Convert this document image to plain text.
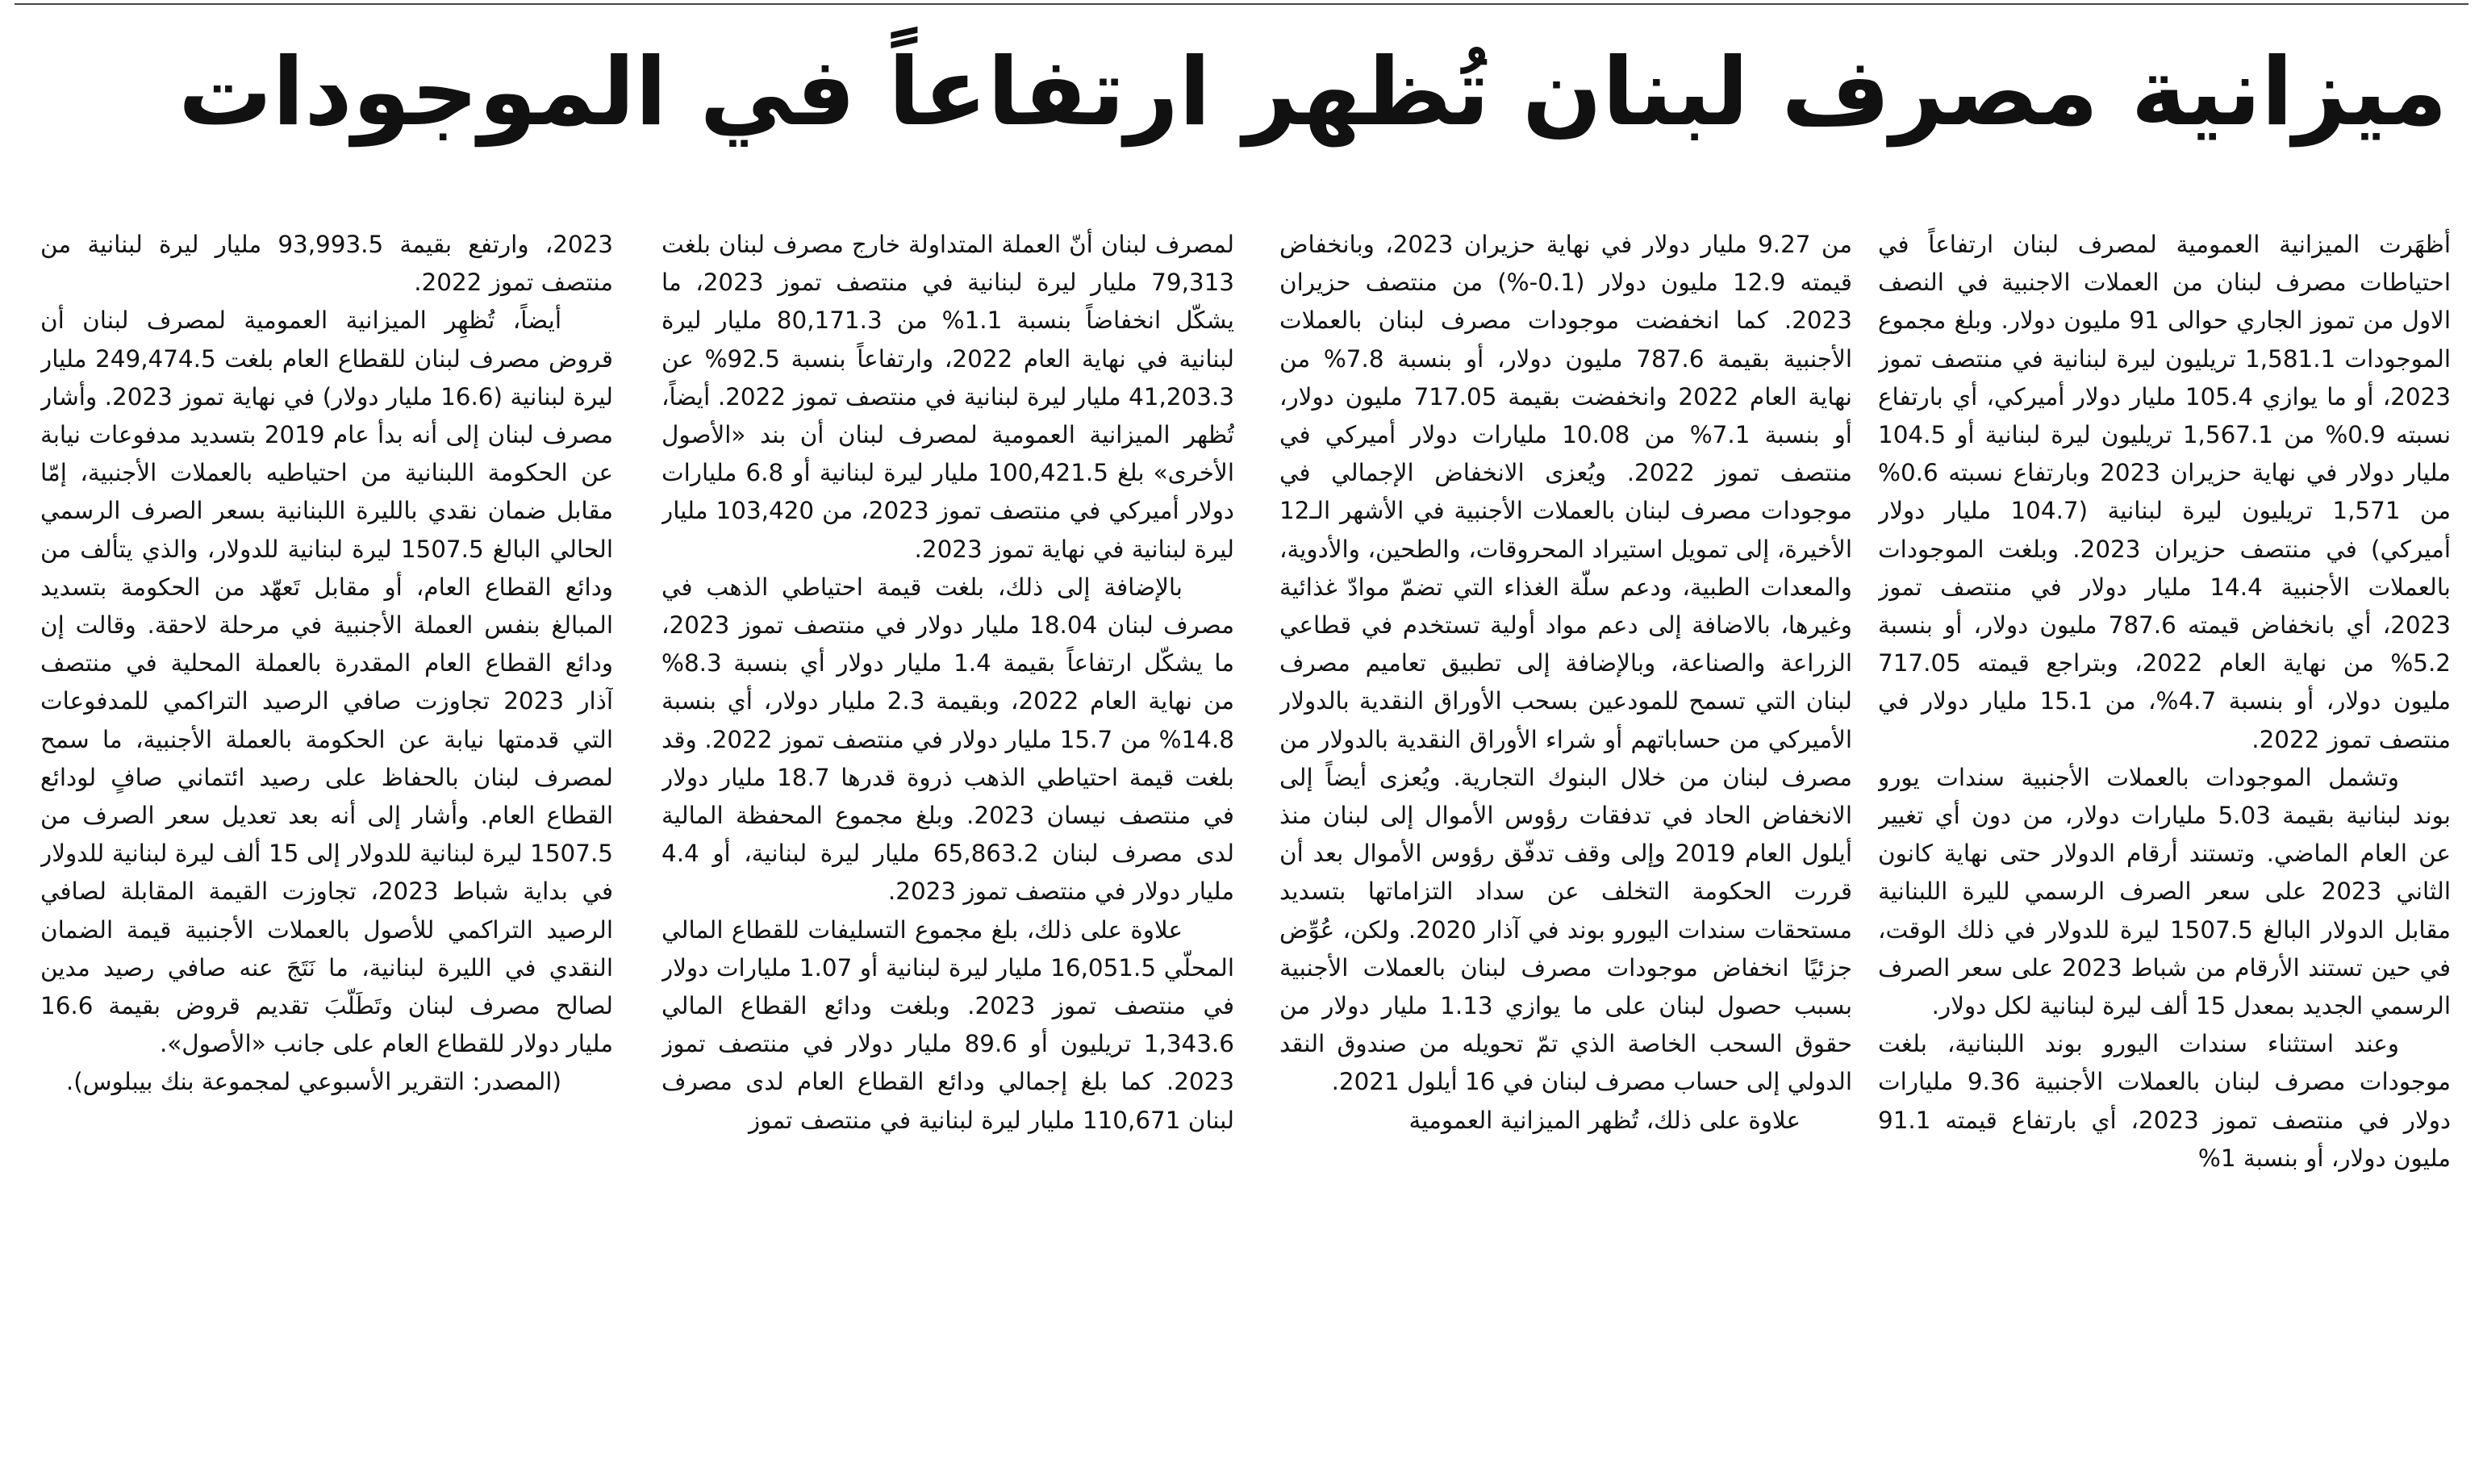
ميزانية مصرف لبنان تُظهر ارتفاعاً في الموجودات

أظهَرت الميزانية العمومية لمصرف لبنان ارتفاعاً في احتياطات مصرف لبنان من العملات الاجنبية في النصف الاول من تموز الجاري حوالى 91 مليون دولار. وبلغ مجموع الموجودات 1,581.1 تريليون ليرة لبنانية في منتصف تموز 2023، أو ما يوازي 105.4 مليار دولار أميركي، أي بارتفاع نسبته 0.9% من 1,567.1 تريليون ليرة لبنانية أو 104.5 مليار دولار في نهاية حزيران 2023 وبارتفاع نسبته 0.6% من 1,571 تريليون ليرة لبنانية (104.7 مليار دولار أميركي) في منتصف حزيران 2023. وبلغت الموجودات بالعملات الأجنبية 14.4 مليار دولار في منتصف تموز 2023، أي بانخفاض قيمته 787.6 مليون دولار، أو بنسبة 5.2% من نهاية العام 2022، وبتراجع قيمته 717.05 مليون دولار، أو بنسبة 4.7%، من 15.1 مليار دولار في منتصف تموز 2022.

وتشمل الموجودات بالعملات الأجنبية سندات يورو بوند لبنانية بقيمة 5.03 مليارات دولار، من دون أي تغيير عن العام الماضي. وتستند أرقام الدولار حتى نهاية كانون الثاني 2023 على سعر الصرف الرسمي لليرة اللبنانية مقابل الدولار البالغ 1507.5 ليرة للدولار في ذلك الوقت، في حين تستند الأرقام من شباط 2023 على سعر الصرف الرسمي الجديد بمعدل 15 ألف ليرة لبنانية لكل دولار.

وعند استثناء سندات اليورو بوند اللبنانية، بلغت موجودات مصرف لبنان بالعملات الأجنبية 9.36 مليارات دولار في منتصف تموز 2023، أي بارتفاع قيمته 91.1 مليون دولار، أو بنسبة 1%

من 9.27 مليار دولار في نهاية حزيران 2023، وبانخفاض قيمته 12.9 مليون دولار (0.1-%) من منتصف حزيران 2023. كما انخفضت موجودات مصرف لبنان بالعملات الأجنبية بقيمة 787.6 مليون دولار، أو بنسبة 7.8% من نهاية العام 2022 وانخفضت بقيمة 717.05 مليون دولار، أو بنسبة 7.1% من 10.08 مليارات دولار أميركي في منتصف تموز 2022. ويُعزى الانخفاض الإجمالي في موجودات مصرف لبنان بالعملات الأجنبية في الأشهر الـ12 الأخيرة، إلى تمويل استيراد المحروقات، والطحين، والأدوية، والمعدات الطبية، ودعم سلّة الغذاء التي تضمّ موادّ غذائية وغيرها، بالاضافة إلى دعم مواد أولية تستخدم في قطاعي الزراعة والصناعة، وبالإضافة إلى تطبيق تعاميم مصرف لبنان التي تسمح للمودعين بسحب الأوراق النقدية بالدولار الأميركي من حساباتهم أو شراء الأوراق النقدية بالدولار من مصرف لبنان من خلال البنوك التجارية. ويُعزى أيضاً إلى الانخفاض الحاد في تدفقات رؤوس الأموال إلى لبنان منذ أيلول العام 2019 وإلى وقف تدفّق رؤوس الأموال بعد أن قررت الحكومة التخلف عن سداد التزاماتها بتسديد مستحقات سندات اليورو بوند في آذار 2020. ولكن، عُوِّض جزئيًا انخفاض موجودات مصرف لبنان بالعملات الأجنبية بسبب حصول لبنان على ما يوازي 1.13 مليار دولار من حقوق السحب الخاصة الذي تمّ تحويله من صندوق النقد الدولي إلى حساب مصرف لبنان في 16 أيلول 2021.

علاوة على ذلك، تُظهر الميزانية العمومية

لمصرف لبنان أنّ العملة المتداولة خارج مصرف لبنان بلغت 79,313 مليار ليرة لبنانية في منتصف تموز 2023، ما يشكّل انخفاضاً بنسبة 1.1% من 80,171.3 مليار ليرة لبنانية في نهاية العام 2022، وارتفاعاً بنسبة 92.5% عن 41,203.3 مليار ليرة لبنانية في منتصف تموز 2022. أيضاً، تُظهر الميزانية العمومية لمصرف لبنان أن بند «الأصول الأخرى» بلغ 100,421.5 مليار ليرة لبنانية أو 6.8 مليارات دولار أميركي في منتصف تموز 2023، من 103,420 مليار ليرة لبنانية في نهاية تموز 2023.

بالإضافة إلى ذلك، بلغت قيمة احتياطي الذهب في مصرف لبنان 18.04 مليار دولار في منتصف تموز 2023، ما يشكّل ارتفاعاً بقيمة 1.4 مليار دولار أي بنسبة 8.3% من نهاية العام 2022، وبقيمة 2.3 مليار دولار، أي بنسبة 14.8% من 15.7 مليار دولار في منتصف تموز 2022. وقد بلغت قيمة احتياطي الذهب ذروة قدرها 18.7 مليار دولار في منتصف نيسان 2023. وبلغ مجموع المحفظة المالية لدى مصرف لبنان 65,863.2 مليار ليرة لبنانية، أو 4.4 مليار دولار في منتصف تموز 2023.

علاوة على ذلك، بلغ مجموع التسليفات للقطاع المالي المحلّي 16,051.5 مليار ليرة لبنانية أو 1.07 مليارات دولار في منتصف تموز 2023. وبلغت ودائع القطاع المالي 1,343.6 تريليون أو 89.6 مليار دولار في منتصف تموز 2023. كما بلغ إجمالي ودائع القطاع العام لدى مصرف لبنان 110,671 مليار ليرة لبنانية في منتصف تموز

2023، وارتفع بقيمة 93,993.5 مليار ليرة لبنانية من منتصف تموز 2022.

أيضاً، تُظهِر الميزانية العمومية لمصرف لبنان أن قروض مصرف لبنان للقطاع العام بلغت 249,474.5 مليار ليرة لبنانية (16.6 مليار دولار) في نهاية تموز 2023. وأشار مصرف لبنان إلى أنه بدأ عام 2019 بتسديد مدفوعات نيابة عن الحكومة اللبنانية من احتياطيه بالعملات الأجنبية، إمّا مقابل ضمان نقدي بالليرة اللبنانية بسعر الصرف الرسمي الحالي البالغ 1507.5 ليرة لبنانية للدولار، والذي يتألف من ودائع القطاع العام، أو مقابل تَعهّد من الحكومة بتسديد المبالغ بنفس العملة الأجنبية في مرحلة لاحقة. وقالت إن ودائع القطاع العام المقدرة بالعملة المحلية في منتصف آذار 2023 تجاوزت صافي الرصيد التراكمي للمدفوعات التي قدمتها نيابة عن الحكومة بالعملة الأجنبية، ما سمح لمصرف لبنان بالحفاظ على رصيد ائتماني صافٍ لودائع القطاع العام. وأشار إلى أنه بعد تعديل سعر الصرف من 1507.5 ليرة لبنانية للدولار إلى 15 ألف ليرة لبنانية للدولار في بداية شباط 2023، تجاوزت القيمة المقابلة لصافي الرصيد التراكمي للأصول بالعملات الأجنبية قيمة الضمان النقدي في الليرة لبنانية، ما نَتَجَ عنه صافي رصيد مدين لصالح مصرف لبنان وتَطَلّبَ تقديم قروض بقيمة 16.6 مليار دولار للقطاع العام على جانب «الأصول».

(المصدر: التقرير الأسبوعي لمجموعة بنك بيبلوس).
